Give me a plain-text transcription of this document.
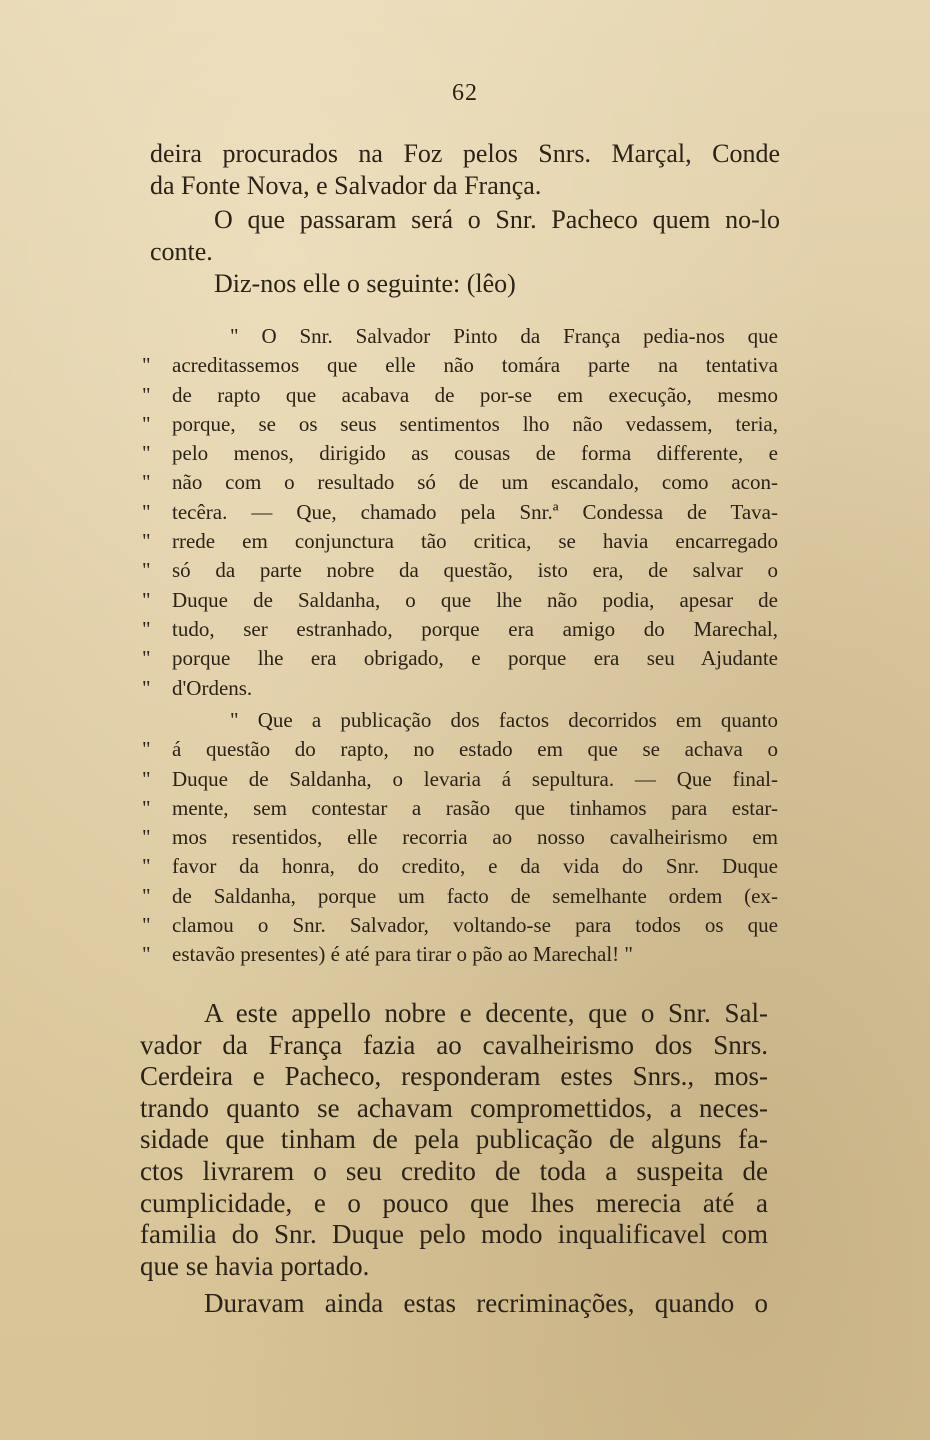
62
deira procurados na Foz pelos Snrs. Marçal, Conde
da Fonte Nova, e Salvador da França.
O que passaram será o Snr. Pacheco quem no-lo
conte.
Diz-nos elle o seguinte: (lêo)
" O Snr. Salvador Pinto da França pedia-nos que
"	acreditassemos que elle não tomára parte na tentativa
"	de rapto que acabava de por-se em execução, mesmo
"	porque, se os seus sentimentos lho não vedassem, teria,
"	pelo menos, dirigido as cousas de forma differente, e
"	não com o resultado só de um escandalo, como acon-
"	tecêra. — Que, chamado pela Snr.ª Condessa de Tava-
"	rrede em conjunctura tão critica, se havia encarregado
"	só da parte nobre da questão, isto era, de salvar o
"	Duque de Saldanha, o que lhe não podia, apesar de
"	tudo, ser estranhado, porque era amigo do Marechal,
"	porque lhe era obrigado, e porque era seu Ajudante
"	d'Ordens.
" Que a publicação dos factos decorridos em quanto
"	á questão do rapto, no estado em que se achava o
"	Duque de Saldanha, o levaria á sepultura. — Que final-
"	mente, sem contestar a rasão que tinhamos para estar-
"	mos resentidos, elle recorria ao nosso cavalheirismo em
"	favor da honra, do credito, e da vida do Snr. Duque
"	de Saldanha, porque um facto de semelhante ordem (ex-
"	clamou o Snr. Salvador, voltando-se para todos os que
"	estavão presentes) é até para tirar o pão ao Marechal! "
A este appello nobre e decente, que o Snr. Sal-
vador da França fazia ao cavalheirismo dos Snrs.
Cerdeira e Pacheco, responderam estes Snrs., mos-
trando quanto se achavam compromettidos, a neces-
sidade que tinham de pela publicação de alguns fa-
ctos livrarem o seu credito de toda a suspeita de
cumplicidade, e o pouco que lhes merecia até a
familia do Snr. Duque pelo modo inqualificavel com
que se havia portado.
Duravam ainda estas recriminações, quando o
